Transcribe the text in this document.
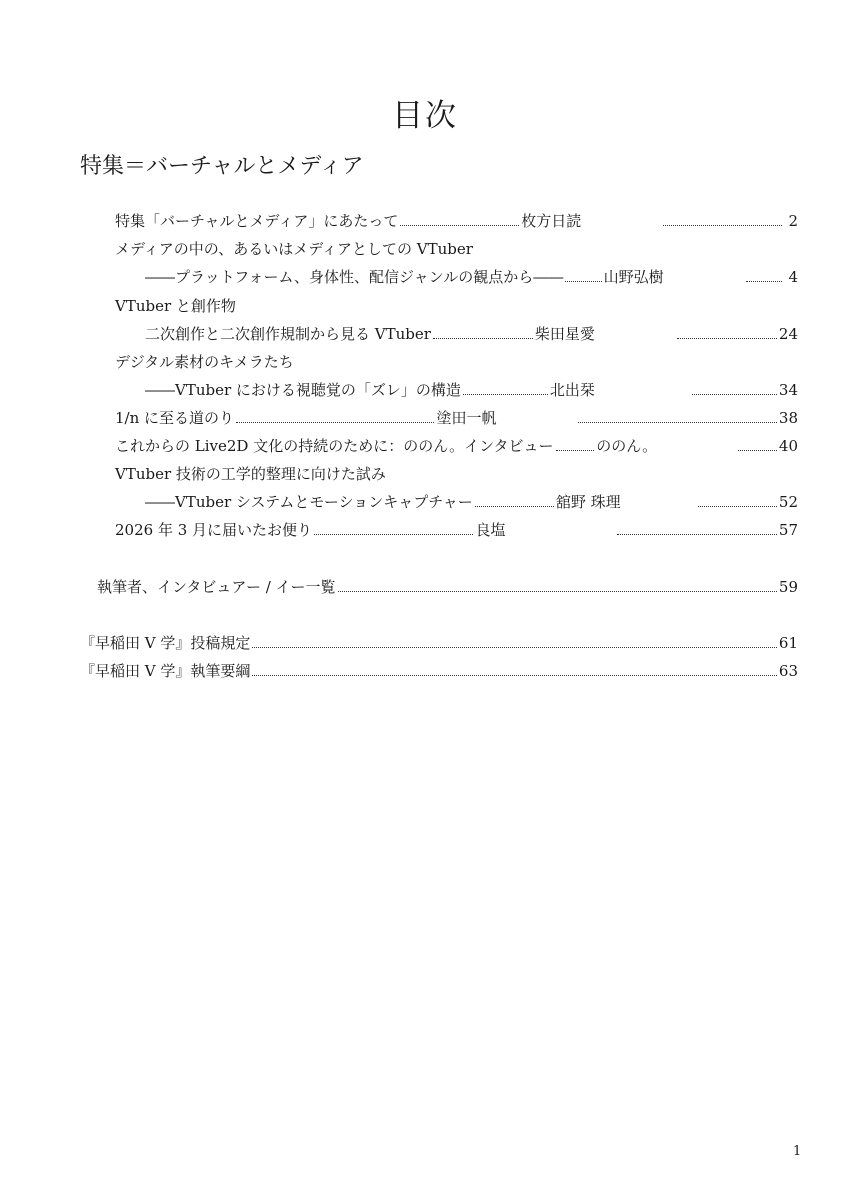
目次
特集＝バーチャルとメディア
特集「バーチャルとメディア」にあたって	枚方日読	2
メディアの中の、あるいはメディアとしての VTuber
――プラットフォーム、身体性、配信ジャンルの観点から――	山野弘樹	4
VTuber と創作物
二次創作と二次創作規制から見る VTuber	柴田星愛	24
デジタル素材のキメラたち
――VTuber における視聴覚の「ズレ」の構造	北出栞	34
1/n に至る道のり	塗田一帆	38
これからの Live2D 文化の持続のために：ののん。インタビュー	ののん。	40
VTuber 技術の工学的整理に向けた試み
――VTuber システムとモーションキャプチャー	舘野 珠理	52
2026 年 3 月に届いたお便り	良塩	57
執筆者、インタビュアー / イー一覧	59
『早稲田 V 学』投稿規定	61
『早稲田 V 学』執筆要綱	63
1
